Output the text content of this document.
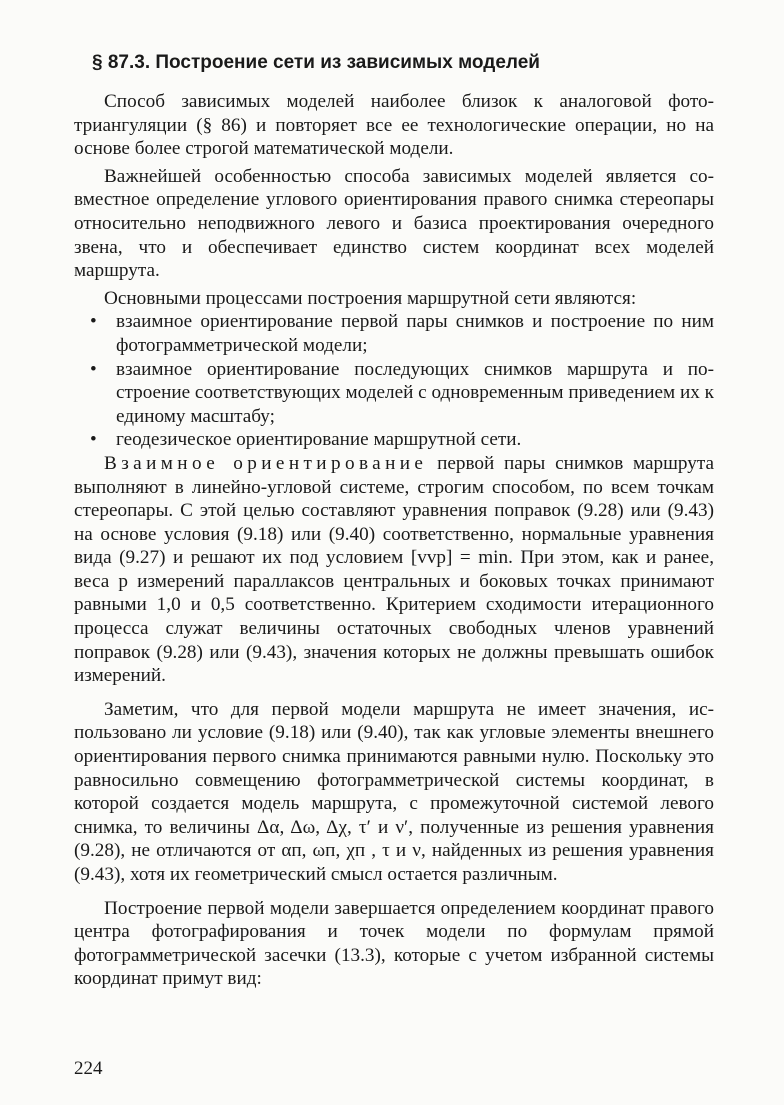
§ 87.3. Построение сети из зависимых моделей

Способ зависимых моделей наиболее близок к аналоговой фототриангуляции (§ 86) и повторяет все ее технологические операции, но на основе более строгой математической модели.

Важнейшей особенностью способа зависимых моделей является совместное определение углового ориентирования правого снимка стереопары относительно неподвижного левого и базиса проектирования очередного звена, что и обеспечивает единство систем координат всех моделей маршрута.

Основными процессами построения маршрутной сети являются:

• взаимное ориентирование первой пары снимков и построение по ним фотограмметрической модели;
• взаимное ориентирование последующих снимков маршрута и построение соответствующих моделей с одновременным приведением их к единому масштабу;
• геодезическое ориентирование маршрутной сети.

Взаимное ориентирование первой пары снимков маршрута выполняют в линейно-угловой системе, строгим способом, по всем точкам стереопары. С этой целью составляют уравнения поправок (9.28) или (9.43) на основе условия (9.18) или (9.40) соответственно, нормальные уравнения вида (9.27) и решают их под условием [vvp] = min. При этом, как и ранее, веса p измерений параллаксов центральных и боковых точках принимают равными 1,0 и 0,5 соответственно. Критерием сходимости итерационного процесса служат величины остаточных свободных членов уравнений поправок (9.28) или (9.43), значения которых не должны превышать ошибок измерений.

Заметим, что для первой модели маршрута не имеет значения, использовано ли условие (9.18) или (9.40), так как угловые элементы внешнего ориентирования первого снимка принимаются равными нулю. Поскольку это равносильно совмещению фотограмметрической системы координат, в которой создается модель маршрута, с промежуточной системой левого снимка, то величины Δα, Δω, Δχ, τ′ и ν′, полученные из решения уравнения (9.28), не отличаются от αп, ωп, χп , τ и ν, найденных из решения уравнения (9.43), хотя их геометрический смысл остается различным.

Построение первой модели завершается определением координат правого центра фотографирования и точек модели по формулам прямой фотограмметрической засечки (13.3), которые с учетом избранной системы координат примут вид:

224
